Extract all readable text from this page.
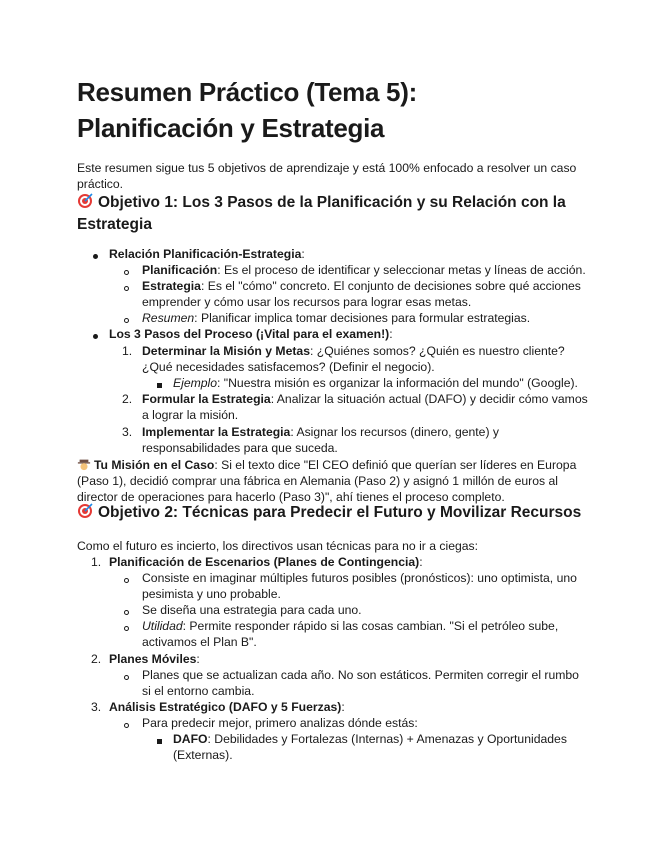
Resumen Práctico (Tema 5):
Planificación y Estrategia
Este resumen sigue tus 5 objetivos de aprendizaje y está 100% enfocado a resolver un caso
práctico.
Objetivo 1: Los 3 Pasos de la Planificación y su Relación con la
Estrategia
Relación Planificación-Estrategia:
Planificación: Es el proceso de identificar y seleccionar metas y líneas de acción.
Estrategia: Es el "cómo" concreto. El conjunto de decisiones sobre qué acciones
emprender y cómo usar los recursos para lograr esas metas.
Resumen: Planificar implica tomar decisiones para formular estrategias.
Los 3 Pasos del Proceso (¡Vital para el examen!):
1. Determinar la Misión y Metas: ¿Quiénes somos? ¿Quién es nuestro cliente?
¿Qué necesidades satisfacemos? (Definir el negocio).
Ejemplo: "Nuestra misión es organizar la información del mundo" (Google).
2. Formular la Estrategia: Analizar la situación actual (DAFO) y decidir cómo vamos
a lograr la misión.
3. Implementar la Estrategia: Asignar los recursos (dinero, gente) y
responsabilidades para que suceda.
Tu Misión en el Caso: Si el texto dice "El CEO definió que querían ser líderes en Europa
(Paso 1), decidió comprar una fábrica en Alemania (Paso 2) y asignó 1 millón de euros al
director de operaciones para hacerlo (Paso 3)", ahí tienes el proceso completo.
Objetivo 2: Técnicas para Predecir el Futuro y Movilizar Recursos
Como el futuro es incierto, los directivos usan técnicas para no ir a ciegas:
1. Planificación de Escenarios (Planes de Contingencia):
Consiste en imaginar múltiples futuros posibles (pronósticos): uno optimista, uno
pesimista y uno probable.
Se diseña una estrategia para cada uno.
Utilidad: Permite responder rápido si las cosas cambian. "Si el petróleo sube,
activamos el Plan B".
2. Planes Móviles:
Planes que se actualizan cada año. No son estáticos. Permiten corregir el rumbo
si el entorno cambia.
3. Análisis Estratégico (DAFO y 5 Fuerzas):
Para predecir mejor, primero analizas dónde estás:
DAFO: Debilidades y Fortalezas (Internas) + Amenazas y Oportunidades
(Externas).
